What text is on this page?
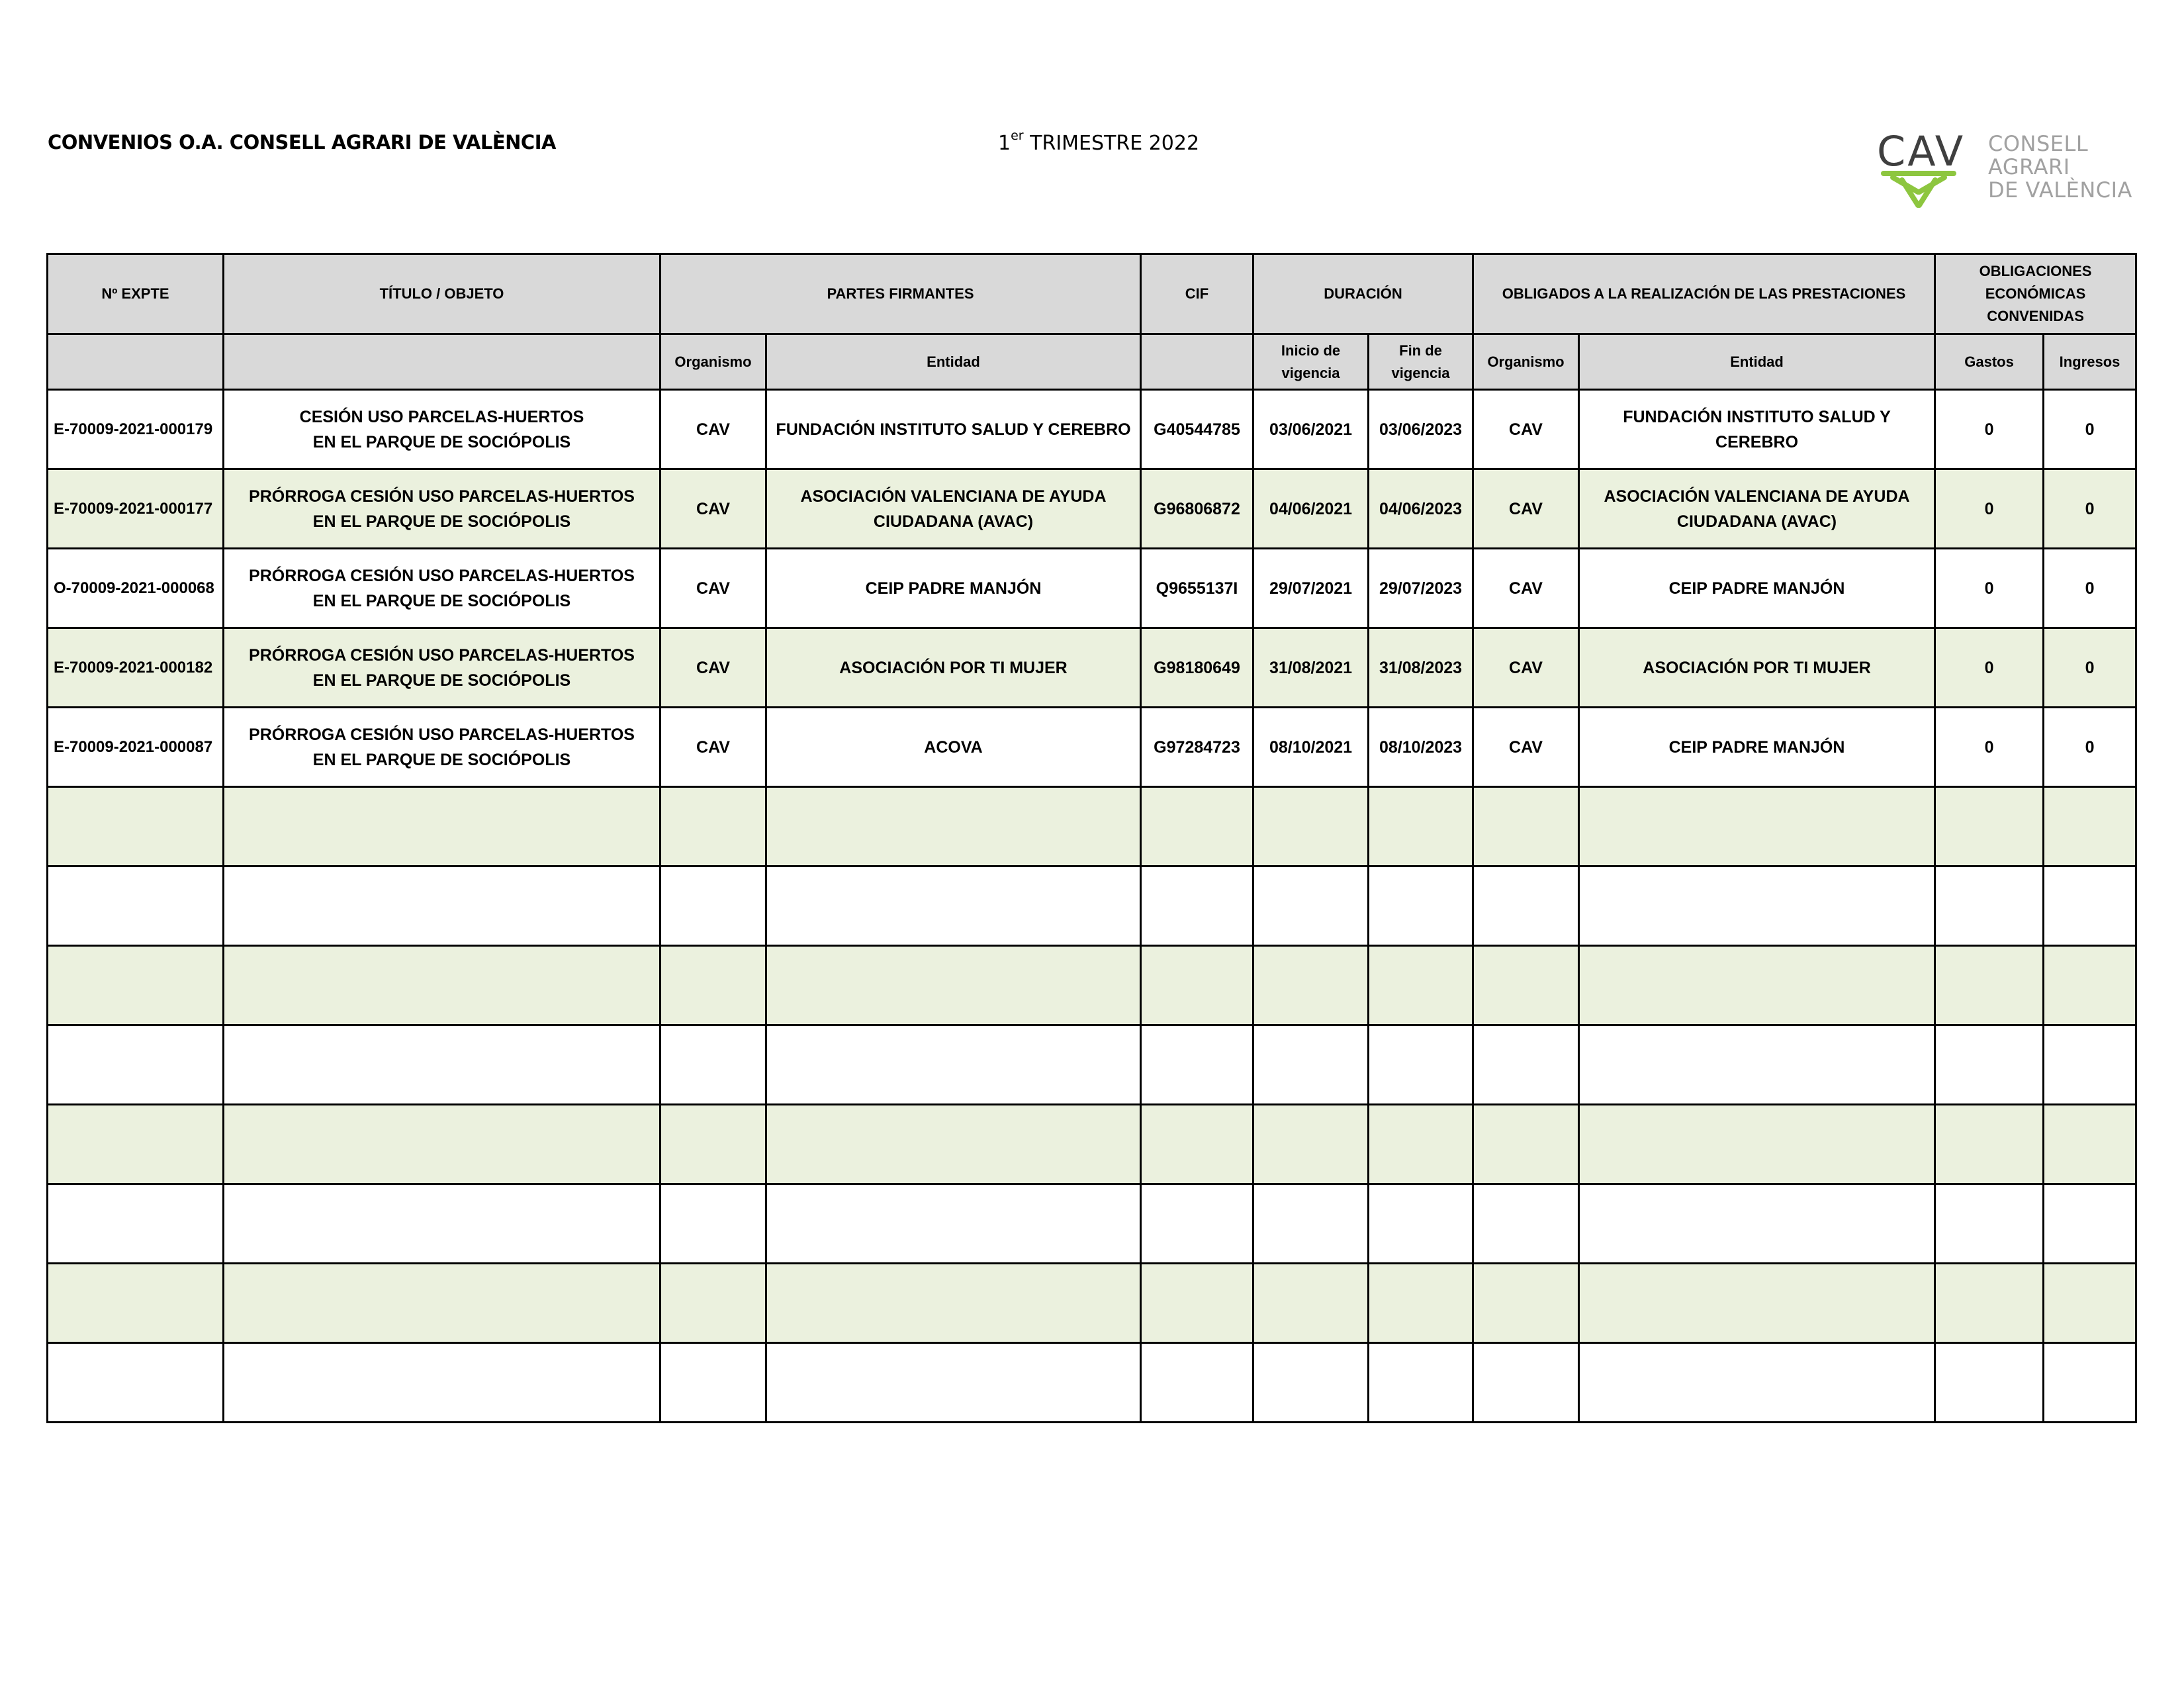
CONVENIOS O.A. CONSELL AGRARI DE VALÈNCIA	1er TRIMESTRE 2022	CAV CONSELL
AGRARI
DE VALÈNCIA
Nº EXPTE	TÍTULO / OBJETO	PARTES FIRMANTES		CIF	DURACIÓN		OBLIGADOS A LA REALIZACIÓN DE LAS PRESTACIONES		OBLIGACIONES
ECONÓMICAS
CONVENIDAS	

		Organismo	Entidad		Inicio de
vigencia	Fin de
vigencia	Organismo	Entidad	Gastos	Ingresos
E-70009-2021-000179	CESIÓN USO PARCELAS-HUERTOS
EN EL PARQUE DE SOCIÓPOLIS	CAV	FUNDACIÓN INSTITUTO SALUD Y CEREBRO	G40544785	03/06/2021	03/06/2023	CAV	FUNDACIÓN INSTITUTO SALUD Y
CEREBRO	0	0
E-70009-2021-000177	PRÓRROGA CESIÓN USO PARCELAS-HUERTOS
EN EL PARQUE DE SOCIÓPOLIS	CAV	ASOCIACIÓN VALENCIANA DE AYUDA
CIUDADANA (AVAC)	G96806872	04/06/2021	04/06/2023	CAV	ASOCIACIÓN VALENCIANA DE AYUDA
CIUDADANA (AVAC)	0	0
O-70009-2021-000068	PRÓRROGA CESIÓN USO PARCELAS-HUERTOS
EN EL PARQUE DE SOCIÓPOLIS	CAV	CEIP PADRE MANJÓN	Q9655137I	29/07/2021	29/07/2023	CAV	CEIP PADRE MANJÓN	0	0
E-70009-2021-000182	PRÓRROGA CESIÓN USO PARCELAS-HUERTOS
EN EL PARQUE DE SOCIÓPOLIS	CAV	ASOCIACIÓN POR TI MUJER	G98180649	31/08/2021	31/08/2023	CAV	ASOCIACIÓN POR TI MUJER	0	0
E-70009-2021-000087	PRÓRROGA CESIÓN USO PARCELAS-HUERTOS
EN EL PARQUE DE SOCIÓPOLIS	CAV	ACOVA	G97284723	08/10/2021	08/10/2023	CAV	CEIP PADRE MANJÓN	0	0
